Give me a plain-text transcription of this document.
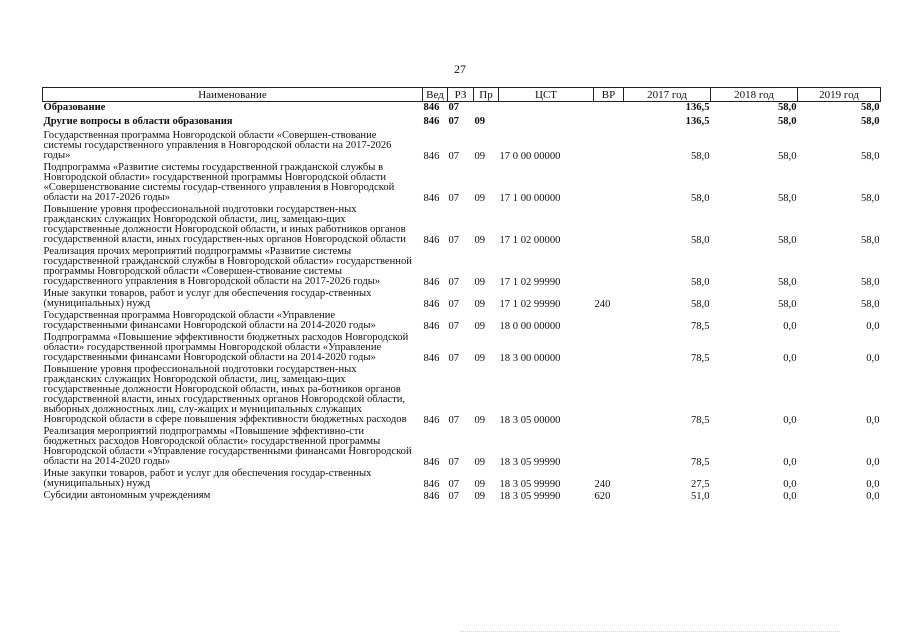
27
Наименование	Вед	РЗ	Пр	ЦСТ	ВР	2017 год	2018 год	2019 год
Образование	846	07				136,5	58,0	58,0
Другие вопросы в области образования	846	07	09			136,5	58,0	58,0
Государственная программа Новгородской области «Совершен-ствование системы государственного управления в Новгородской области на 2017-2026 годы»	846	07	09	17 0 00 00000		58,0	58,0	58,0
Подпрограмма «Развитие системы государственной гражданской службы в Новгородской области» государственной программы Новгородской области «Совершенствование системы государ-ственного управления в Новгородской области на 2017-2026 годы»	846	07	09	17 1 00 00000		58,0	58,0	58,0
Повышение уровня профессиональной подготовки государствен-ных гражданских служащих Новгородской области, лиц, замещаю-щих государственные должности Новгородской области, и иных работников органов государственной власти, иных государствен-ных органов Новгородской области	846	07	09	17 1 02 00000		58,0	58,0	58,0
Реализация прочих мероприятий подпрограммы «Развитие системы государственной гражданской службы в Новгородской области» государственной программы Новгородской области «Совершен-ствование системы государственного управления в Новгородской области на 2017-2026 годы»	846	07	09	17 1 02 99990		58,0	58,0	58,0
Иные закупки товаров, работ и услуг для обеспечения государ-ственных (муниципальных) нужд	846	07	09	17 1 02 99990	240	58,0	58,0	58,0
Государственная программа Новгородской области «Управление государственными финансами Новгородской области на 2014-2020 годы»	846	07	09	18 0 00 00000		78,5	0,0	0,0
Подпрограмма «Повышение эффективности бюджетных расходов Новгородской области» государственной программы Новгородской области «Управление государственными финансами Новгородской области на 2014-2020 годы»	846	07	09	18 3 00 00000		78,5	0,0	0,0
Повышение уровня профессиональной подготовки государствен-ных гражданских служащих Новгородской области, лиц, замещаю-щих государственные должности Новгородской области, иных ра-ботников органов государственной власти, иных государственных органов Новгородской области, выборных должностных лиц, слу-жащих и муниципальных служащих Новгородской области в сфере повышения эффективности бюджетных расходов	846	07	09	18 3 05 00000		78,5	0,0	0,0
Реализация мероприятий подпрограммы «Повышение эффективно-сти бюджетных расходов Новгородской области» государственной программы Новгородской области «Управление государственными финансами Новгородской области на 2014-2020 годы»	846	07	09	18 3 05 99990		78,5	0,0	0,0
Иные закупки товаров, работ и услуг для обеспечения государ-ственных (муниципальных) нужд	846	07	09	18 3 05 99990	240	27,5	0,0	0,0
Субсидии автономным учреждениям	846	07	09	18 3 05 99990	620	51,0	0,0	0,0
